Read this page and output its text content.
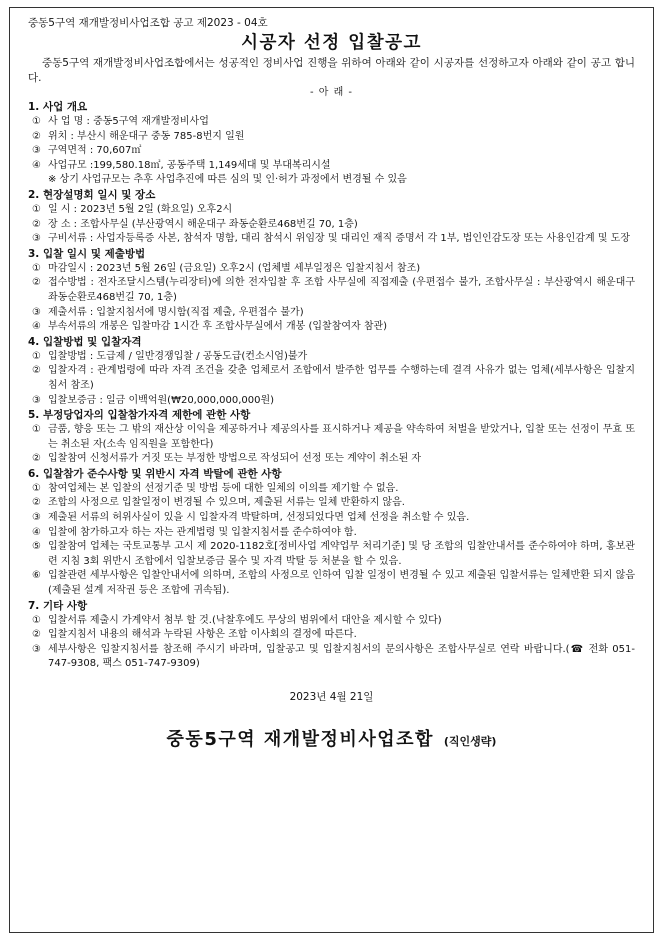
중동5구역 재개발정비사업조합 공고 제2023 - 04호
시공자 선정 입찰공고
중동5구역 재개발정비사업조합에서는 성공적인 정비사업 진행을 위하여 아래와 같이 시공자를 선정하고자 아래와 같이 공고 합니다.
- 아 래 -
1. 사업 개요
① 사 업 명 : 중동5구역 재개발정비사업
② 위치 : 부산시 해운대구 중동 785-8번지 일원
③ 구역면적 : 70,607㎡
④ 사업규모 :199,580.18㎡, 공동주택 1,149세대 및 부대복리시설
※ 상기 사업규모는 추후 사업추진에 따른 심의 및 인·허가 과정에서 변경될 수 있음
2. 현장설명회 일시 및 장소
① 일 시 : 2023년 5월 2일 (화요일) 오후2시
② 장 소 : 조합사무실 (부산광역시 해운대구 좌동순환로468번길 70, 1층)
③ 구비서류 : 사업자등록증 사본, 참석자 명함, 대리 참석시 위임장 및 대리인 재직 증명서 각 1부, 법인인감도장 또는 사용인감계 및 도장
3. 입찰 일시 및 제출방법
① 마감일시 : 2023년 5월 26일 (금요일) 오후2시 (업체별 세부일정은 입찰지침서 참조)
② 접수방법 : 전자조달시스템(누리장터)에 의한 전자입찰 후 조합 사무실에 직접제출 (우편접수 불가, 조합사무실 : 부산광역시 해운대구 좌동순환로468번길 70, 1층)
③ 제출서류 : 입찰지침서에 명시함(직접 제출, 우편접수 불가)
④ 부속서류의 개봉은 입찰마감 1시간 후 조합사무실에서 개봉 (입찰참여자 참관)
4. 입찰방법 및 입찰자격
① 입찰방법 : 도급제 / 일반경쟁입찰 / 공동도급(컨소시엄)불가
② 입찰자격 : 관계법령에 따라 자격 조건을 갖춘 업체로서 조합에서 발주한 업무를 수행하는데 결격 사유가 없는 업체(세부사항은 입찰지침서 참조)
③ 입찰보증금 : 일금 이백억원(₩20,000,000,000원)
5. 부정당업자의 입찰참가자격 제한에 관한 사항
① 금품, 향응 또는 그 밖의 재산상 이익을 제공하거나 제공의사를 표시하거나 제공을 약속하여 처벌을 받았거나, 입찰 또는 선정이 무효 또는 취소된 자(소속 임직원을 포함한다)
② 입찰참여 신청서류가 거짓 또는 부정한 방법으로 작성되어 선정 또는 계약이 취소된 자
6. 입찰참가 준수사항 및 위반시 자격 박탈에 관한 사항
① 참여업체는 본 입찰의 선정기준 및 방법 등에 대한 일체의 이의를 제기할 수 없음.
② 조합의 사정으로 입찰일정이 변경될 수 있으며, 제출된 서류는 일체 반환하지 않음.
③ 제출된 서류의 허위사실이 있을 시 입찰자격 박탈하며, 선정되었다면 업체 선정을 취소할 수 있음.
④ 입찰에 참가하고자 하는 자는 관계법령 및 입찰지침서를 준수하여야 함.
⑤ 입찰참여 업체는 국토교통부 고시 제 2020-1182호[정비사업 계약업무 처리기준] 및 당 조합의 입찰안내서를 준수하여야 하며, 홍보관련 지침 3회 위반시 조합에서 입찰보증금 몰수 및 자격 박탈 등 처분을 할 수 있음.
⑥ 입찰관련 세부사항은 입찰안내서에 의하며, 조합의 사정으로 인하여 입찰 일정이 변경될 수 있고 제출된 입찰서류는 일체반환 되지 않음(제출된 설계 저작권 등은 조합에 귀속됨).
7. 기타 사항
① 입찰서류 제출시 가계약서 첨부 할 것.(낙찰후에도 무상의 범위에서 대안을 제시할 수 있다)
② 입찰지침서 내용의 해석과 누락된 사항은 조합 이사회의 결정에 따른다.
③ 세부사항은 입찰지침서를 참조해 주시기 바라며, 입찰공고 및 입찰지침서의 문의사항은 조합사무실로 연락 바랍니다.(☎ 전화 051-747-9308, 팩스 051-747-9309)
2023년 4월 21일
중동5구역 재개발정비사업조합 (직인생략)
